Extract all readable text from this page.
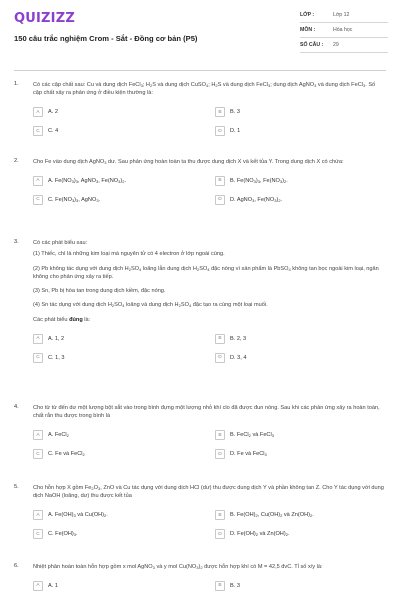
QUIZIZZ
150 câu trắc nghiệm Crom - Sắt - Đồng cơ bản (P5)
LỚP :	Lớp 12
MÔN :	Hóa học
SỐ CÂU :	29
1.	Có các cặp chất sau: Cu và dung dịch FeCl$_3$; $H_2S$ và dung dịch CuSO$_4$; $H_2S$ và dung dịch FeCl$_3$; dung dịch AgNO$_3$ và dung dịch FeCl$_3$. Số cặp chất xảy ra phản ứng ở điều kiện thường là:
A	A. 2	B	B. 3
C	C. 4	D	D. 1
2.	Cho Fe vào dung dịch AgNO$_3$ dư. Sau phản ứng hoàn toàn ta thu được dung dịch X và kết tủa Y. Trong dung dịch X có chứa:
A	A. $Fe(NO_3)_3$, AgNO$_3$, $Fe(NO_3)_2$.	B	B. $Fe(NO_3)_3$, $Fe(NO_3)_2$.
C	C. $Fe(NO_3)_3$, AgNO$_3$.	D	D. AgNO$_3$, $Fe(NO_3)_2$.
3.	Có các phát biểu sau:
(1) Thiếc, chì là những kim loại mà nguyên tử có 4 electron ở lớp ngoài cùng.
(2) Pb không tác dụng với dung dịch $H_2SO_4$ loãng lẫn dung dịch $H_2SO_4$ đặc nóng vì sản phẩm là PbSO$_4$ không tan bọc ngoài kim loại, ngăn không cho phản ứng xảy ra tiếp.
(3) Sn, Pb bị hòa tan trong dung dịch kiềm, đặc nóng.
(4) Sn tác dụng với dung dịch $H_2SO_4$ loãng và dung dịch $H_2SO_4$ đặc tạo ra cùng một loại muối.
Các phát biểu đúng là:
A	A. 1, 2	B	B. 2, 3
C	C. 1, 3	D	D. 3, 4
4.	Cho từ từ đến dư một lượng bột sắt vào trong bình đựng một lượng nhỏ khí clo đã được đun nóng. Sau khi các phản ứng xảy ra hoàn toàn, chất rắn thu được trong bình là
A	A. FeCl$_2$	B	B. FeCl$_2$ và FeCl$_3$
C	C. Fe và FeCl$_2$	D	D. Fe và FeCl$_3$
5.	Cho hỗn hợp X gồm $Fe_2O_3$, ZnO và Cu tác dụng với dung dịch HCl (dư) thu được dung dịch Y và phần không tan Z. Cho Y tác dụng với dung dịch NaOH (loãng, dư) thu được kết tủa
A	A. $Fe(OH)_3$ và $Cu(OH)_2$.	B	B. $Fe(OH)_2$, $Cu(OH)_2$ và $Zn(OH)_2$.
C	C. $Fe(OH)_3$.	D	D. $Fe(OH)_2$ và $Zn(OH)_2$.
6.	Nhiệt phân hoàn toàn hỗn hợp gồm x mol AgNO$_3$ và y mol $Cu(NO_3)_2$ được hỗn hợp khí có M = 42,5 đvC. Tỉ số x/y là:
A	A. 1	B	B. 3
